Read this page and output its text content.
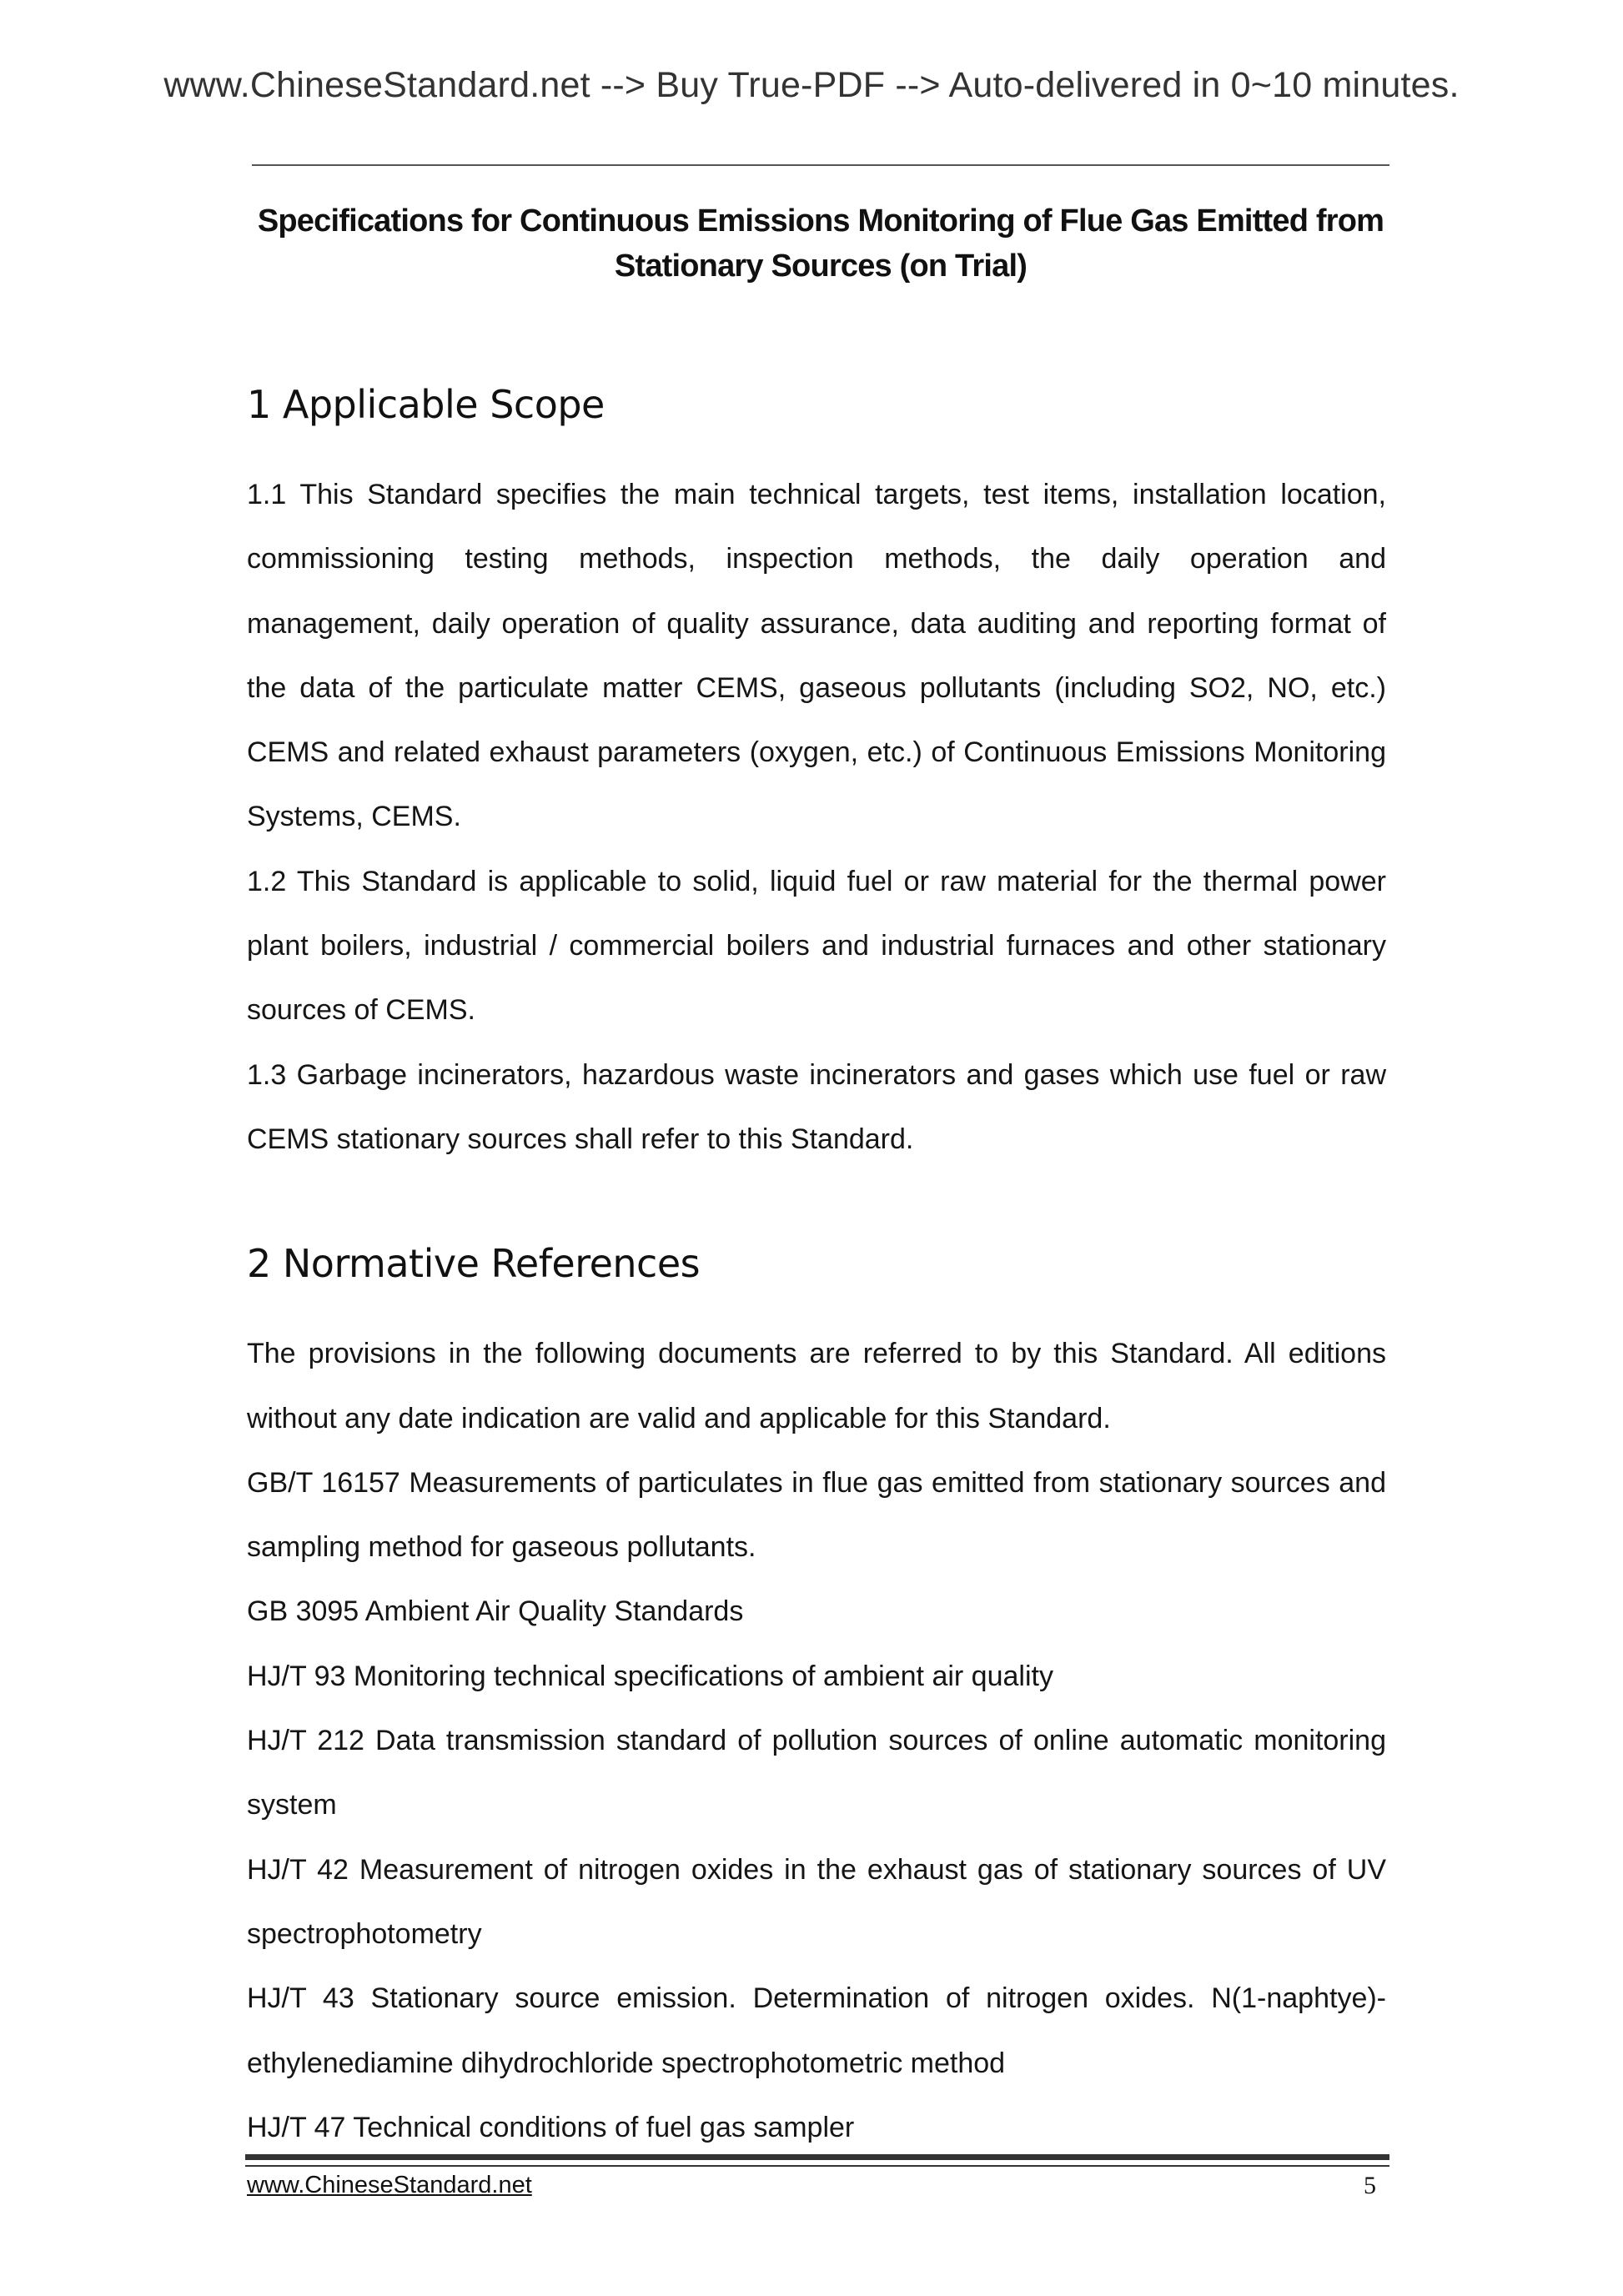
www.ChineseStandard.net --> Buy True-PDF --> Auto-delivered in 0~10 minutes.
Specifications for Continuous Emissions Monitoring of Flue Gas Emitted from
Stationary Sources (on Trial)
1 Applicable Scope

1.1 This Standard specifies the main technical targets, test items, installation location, commissioning testing methods, inspection methods, the daily operation and management, daily operation of quality assurance, data auditing and reporting format of the data of the particulate matter CEMS, gaseous pollutants (including SO2, NO, etc.) CEMS and related exhaust parameters (oxygen, etc.) of Continuous Emissions Monitoring Systems, CEMS.

1.2 This Standard is applicable to solid, liquid fuel or raw material for the thermal power plant boilers, industrial / commercial boilers and industrial furnaces and other stationary sources of CEMS.

1.3 Garbage incinerators, hazardous waste incinerators and gases which use fuel or raw CEMS stationary sources shall refer to this Standard.

2 Normative References

The provisions in the following documents are referred to by this Standard. All editions without any date indication are valid and applicable for this Standard.

GB/T 16157 Measurements of particulates in flue gas emitted from stationary sources and sampling method for gaseous pollutants.

GB 3095 Ambient Air Quality Standards

HJ/T 93 Monitoring technical specifications of ambient air quality

HJ/T 212 Data transmission standard of pollution sources of online automatic monitoring system

HJ/T 42 Measurement of nitrogen oxides in the exhaust gas of stationary sources of UV spectrophotometry

HJ/T 43 Stationary source emission. Determination of nitrogen oxides. N(1-naphtye)-ethylenediamine dihydrochloride spectrophotometric method

HJ/T 47 Technical conditions of fuel gas sampler

www.ChineseStandard.net	5
